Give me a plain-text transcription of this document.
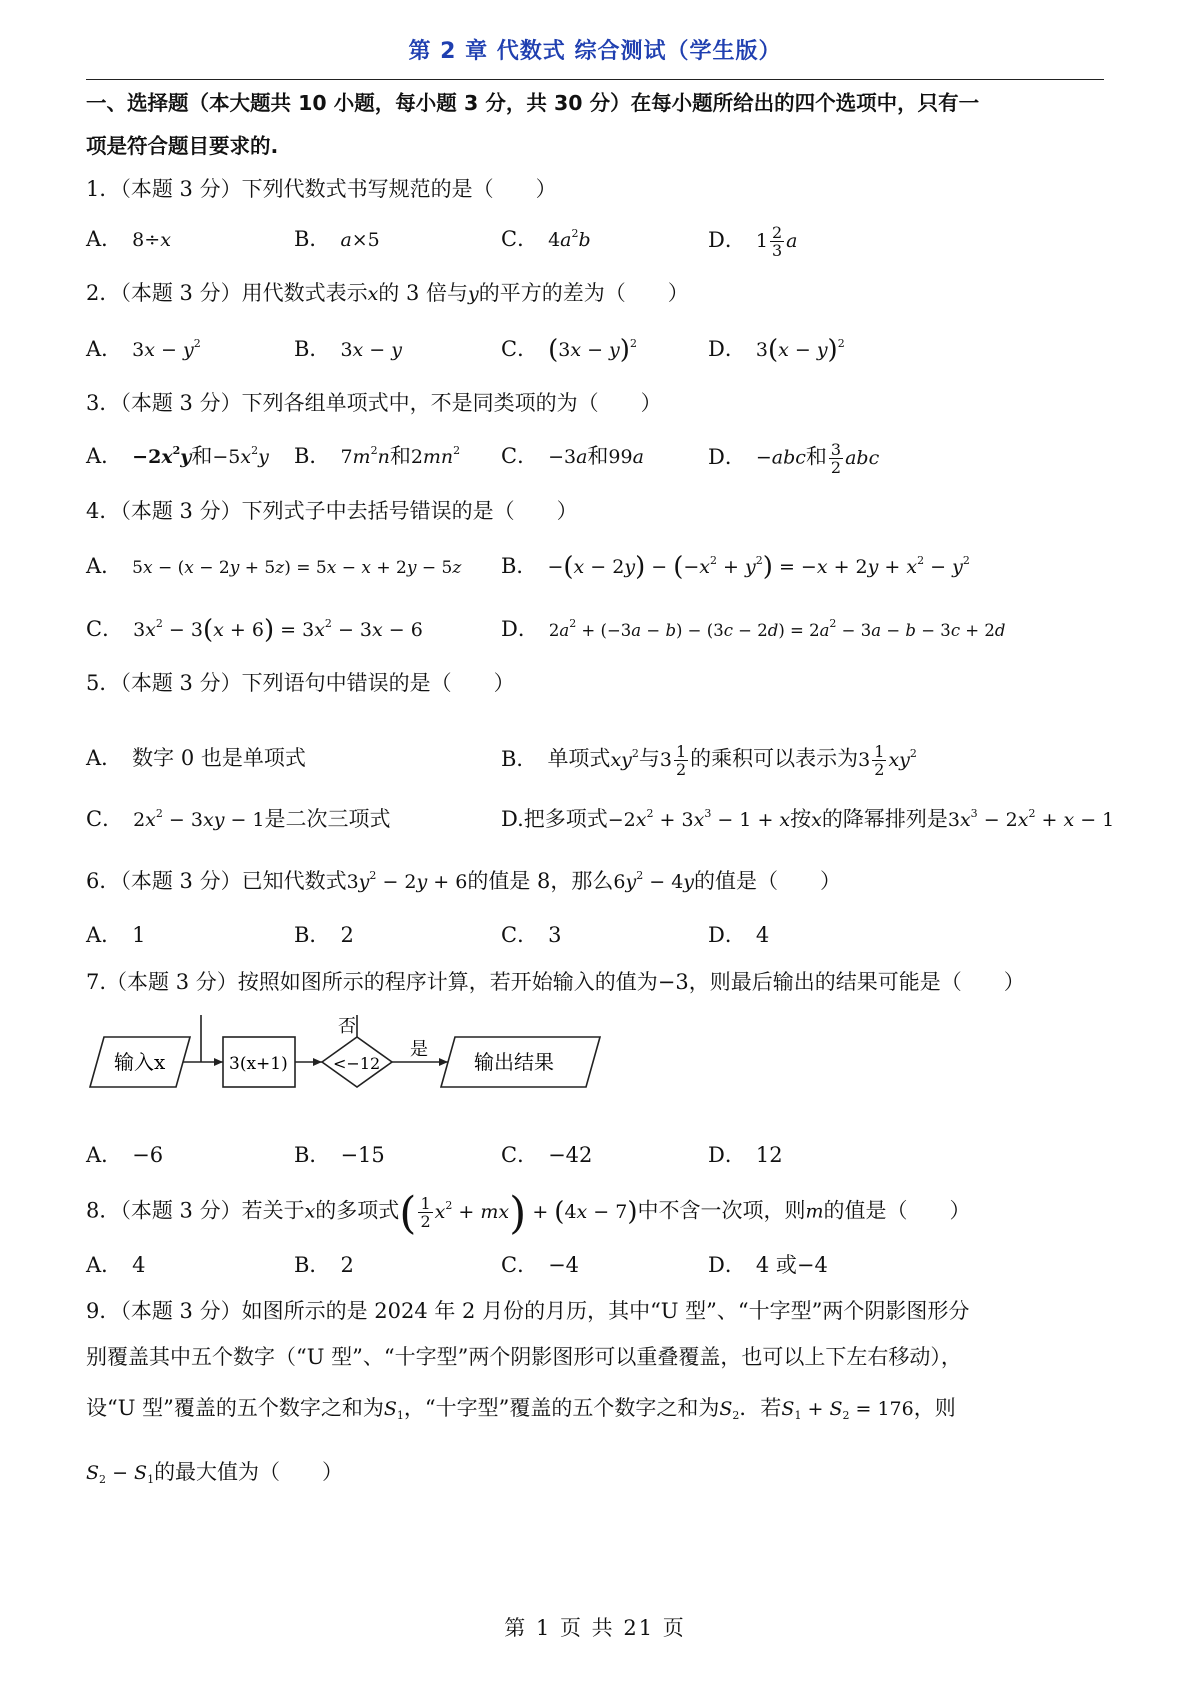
第 2 章 代数式 综合测试（学生版）
一、选择题（本大题共 10 小题，每小题 3 分，共 30 分）在每小题所给出的四个选项中，只有一
项是符合题目要求的.
1．（本题 3 分）下列代数式书写规范的是（　　）
A． 8÷x	B． a×5	C． $4a^2b$	D． $1 \frac{2}{3}$ a
2．（本题 3 分）用代数式表示x的 3 倍与y的平方的差为（　　）
A． $3x - y^2$	B． 3x − y	C． $(3x - y)^2$	D． $3(x - y)^2$
3．（本题 3 分）下列各组单项式中，不是同类项的为（　　）
A． $-2x^2y$和$-5x^2y$ B． $7m^2n$和$2mn^2$ C． −3a和99a	D． −abc和 $\frac{3}{2}$ abc
4．（本题 3 分）下列式子中去括号错误的是（　　）
A． 5x − (x − 2y + 5z) = 5x − x + 2y − 5z B． $-(x - 2y) - (-x^2 + y^2) = -x + 2y + x^2 - y^2$
C． $3x^2 - 3(x + 6) = 3x^2 - 3x - 6$	D． $2a^2 + (-3a - b) - (3c - 2d) = 2a^2 - 3a - b - 3c + 2d$
5．（本题 3 分）下列语句中错误的是（　　）
A． 数字 0 也是单项式	B． 单项式$xy^2$与$3 \frac{1}{2}$ 的乘积可以表示为$3 \frac{1}{2} xy^2$
C． $2x^2 - 3xy - 1$是二次三项式	D.把多项式$-2x^2 + 3x^3 - 1 + x$按x的降幂排列是$3x^3 - 2x^2 + x - 1$
6．（本题 3 分）已知代数式$3y^2 - 2y + 6$的值是 8，那么$6y^2 - 4y$的值是（　　）
A． 1	B． 2	C． 3	D． 4
7.（本题 3 分）按照如图所示的程序计算，若开始输入的值为−3，则最后输出的结果可能是（　　）
输入x	3(x+1)	<−12
否
是
输出结果
A． −6	B． −15	C． −42	D． 12
8．（本题 3 分）若关于x的多项式( $\frac{1}{2} x^2 + mx) + (4x - 7)$中不含一次项，则m的值是（　　）
A． 4	B． 2	C． −4	D． 4 或−4
9．（本题 3 分）如图所示的是 2024 年 2 月份的月历，其中“U 型”、“十字型”两个阴影图形分
别覆盖其中五个数字（“U 型”、“十字型”两个阴影图形可以重叠覆盖，也可以上下左右移动），
设“U 型”覆盖的五个数字之和为$S_1$，“十字型”覆盖的五个数字之和为$S_2$．若$S_1 + S_2 = 176$，则
$S_2 - S_1$的最大值为（　　）
第 1 页 共 21 页
